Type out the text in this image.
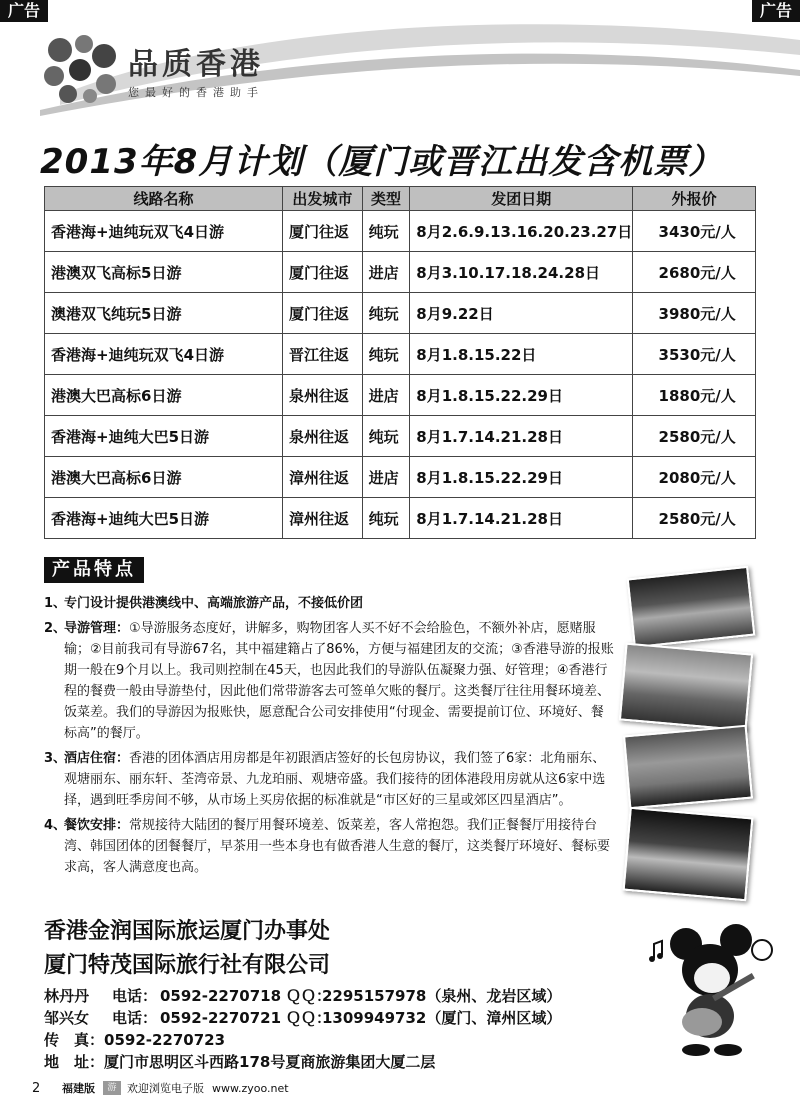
广告	广告
品质香港
您最好的香港助手
2013年8月计划（厦门或晋江出发含机票）
线路名称	出发城市	类型	发团日期	外报价
香港海+迪纯玩双飞4日游	厦门往返	纯玩	8月2.6.9.13.16.20.23.27日	3430元/人
港澳双飞高标5日游	厦门往返	进店	8月3.10.17.18.24.28日	2680元/人
澳港双飞纯玩5日游	厦门往返	纯玩	8月9.22日	3980元/人
香港海+迪纯玩双飞4日游	晋江往返	纯玩	8月1.8.15.22日	3530元/人
港澳大巴高标6日游	泉州往返	进店	8月1.8.15.22.29日	1880元/人
香港海+迪纯大巴5日游	泉州往返	纯玩	8月1.7.14.21.28日	2580元/人
港澳大巴高标6日游	漳州往返	进店	8月1.8.15.22.29日	2080元/人
香港海+迪纯大巴5日游	漳州往返	纯玩	8月1.7.14.21.28日	2580元/人
产品特点
1、
专门设计提供港澳线中、高端旅游产品，不接低价团
2、
导游管理：①导游服务态度好，讲解多，购物团客人买不好不会给脸色，不额外补店，愿赌服输；②目前我司有导游67名，其中福建籍占了86%，方便与福建团友的交流；③香港导游的报账期一般在9个月以上。我司则控制在45天，也因此我们的导游队伍凝聚力强、好管理；④香港行程的餐费一般由导游垫付，因此他们常带游客去可签单欠账的餐厅。这类餐厅往往用餐环境差、饭菜差。我们的导游因为报账快，愿意配合公司安排使用“付现金、需要提前订位、环境好、餐标高”的餐厅。
3、
酒店住宿：香港的团体酒店用房都是年初跟酒店签好的长包房协议，我们签了6家：北角丽东、观塘丽东、丽东轩、荃湾帝景、九龙珀丽、观塘帝盛。我们接待的团体港段用房就从这6家中选择，遇到旺季房间不够，从市场上买房依据的标准就是“市区好的三星或郊区四星酒店”。
4、
餐饮安排：常规接待大陆团的餐厅用餐环境差、饭菜差，客人常抱怨。我们正餐餐厅用接待台湾、韩国团体的团餐餐厅，早茶用一些本身也有做香港人生意的餐厅，这类餐厅环境好、餐标要求高，客人满意度也高。
香港金润国际旅运厦门办事处
厦门特茂国际旅行社有限公司
林丹丹	电话： 0592-2270718 ＱＱ：
2295157978（泉州、龙岩区域）
邹兴女	电话： 0592-2270721 ＱＱ：
1309949732（厦门、漳州区域）
传　真： 0592-2270723
地　址： 厦门市思明区斗西路178号夏商旅游集团大厦二层
2	福建版	游 欢迎浏览电子版 www.zyoo.net
